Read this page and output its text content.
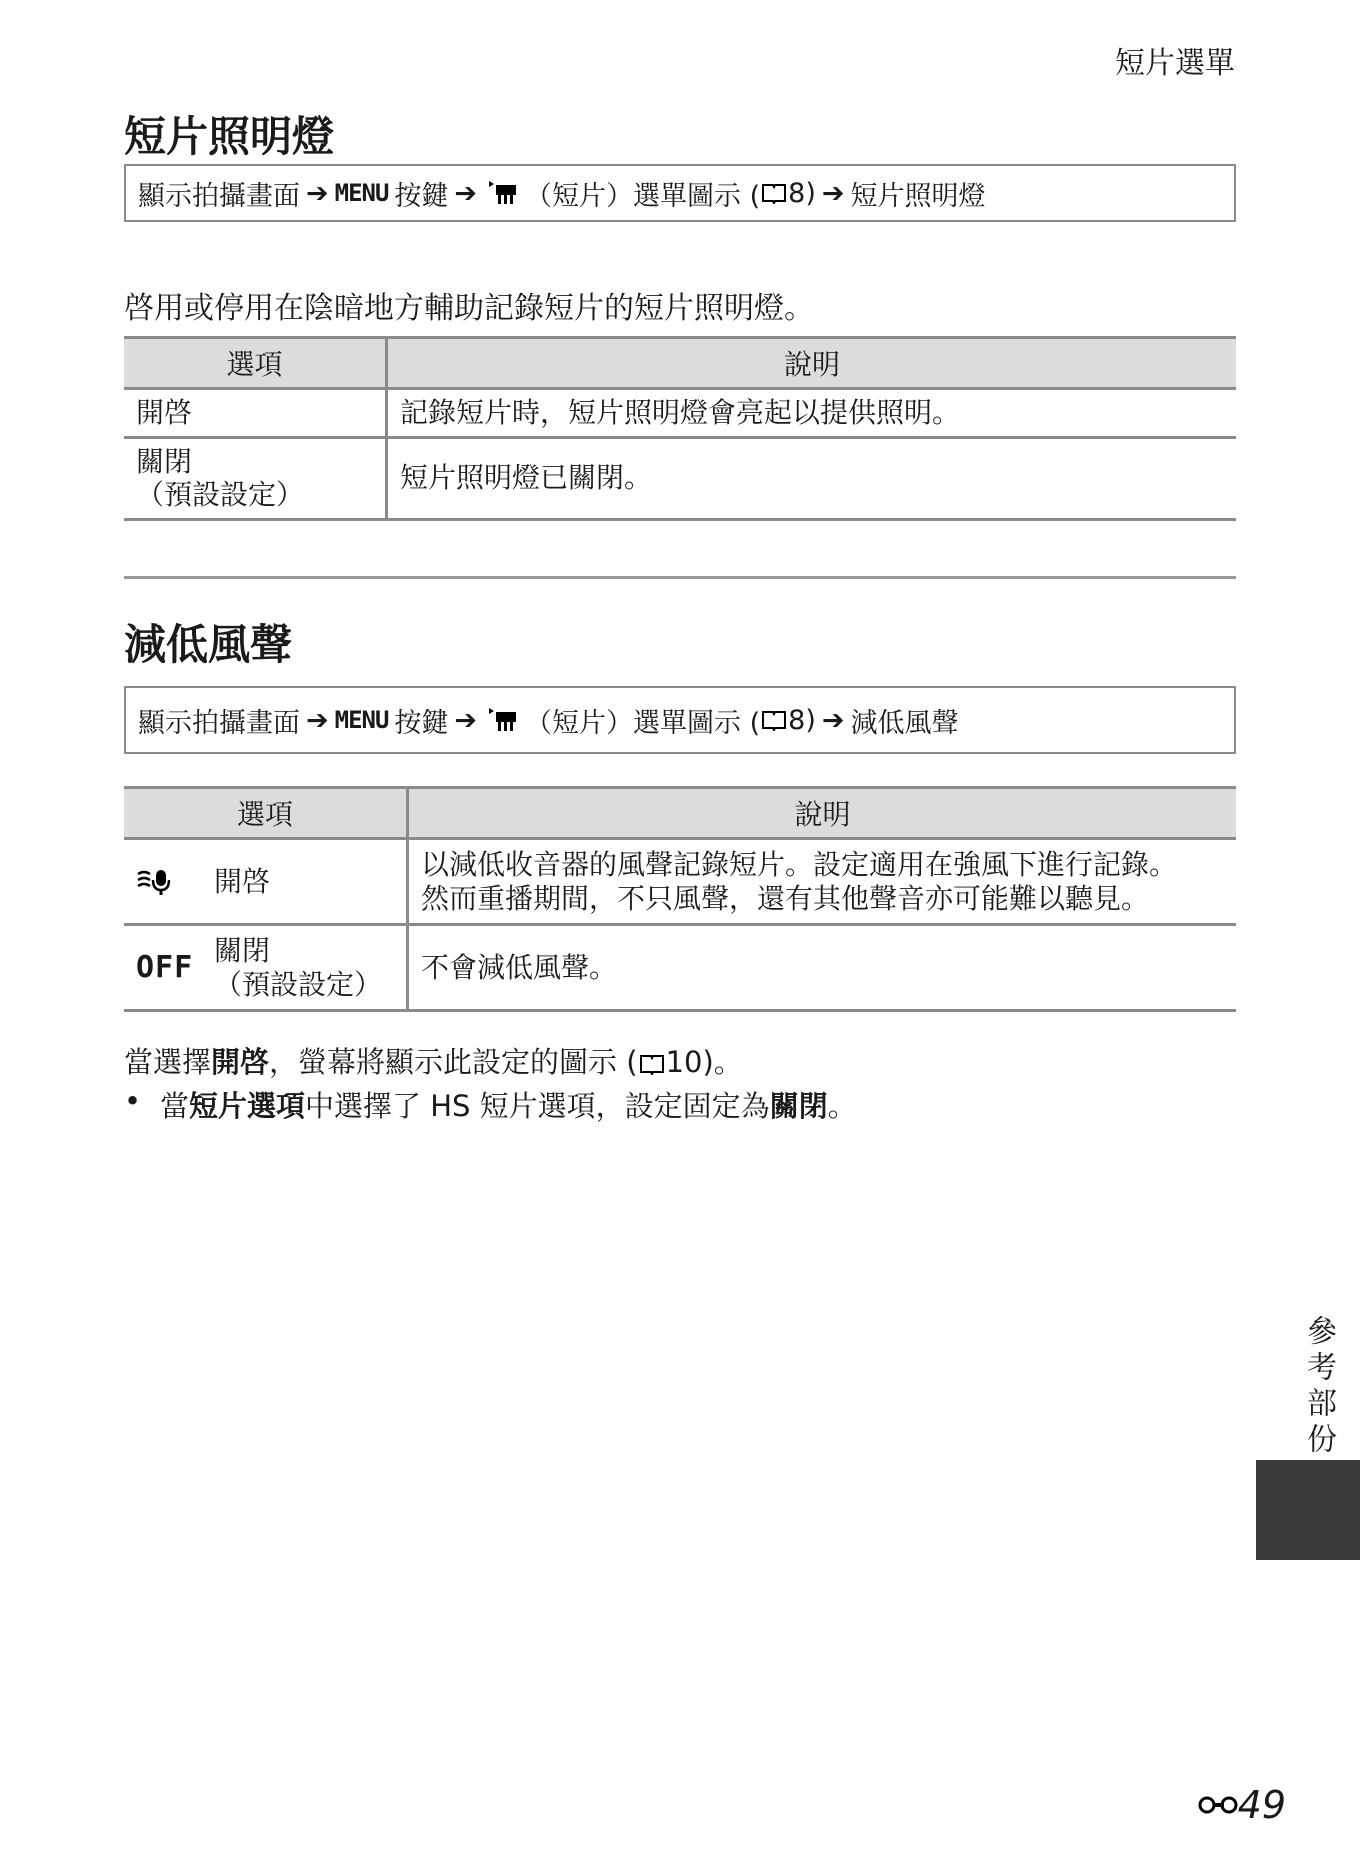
短片選單
短片照明燈
顯示拍攝畫面 ➔ MENU 按鍵 ➔ （短片）選單圖示 ( 8) ➔ 短片照明燈
啓用或停用在陰暗地方輔助記錄短片的短片照明燈。
選項	說明
開啓	記錄短片時，短片照明燈會亮起以提供照明。

關閉
（預設設定）	短片照明燈已關閉。
減低風聲
顯示拍攝畫面 ➔ MENU 按鍵 ➔ （短片）選單圖示 ( 8) ➔ 減低風聲
選項	說明

開啓	以減低收音器的風聲記錄短片。設定適用在強風下進行記錄。
然而重播期間，不只風聲，還有其他聲音亦可能難以聽見。

OFF 關閉
（預設設定）	不會減低風聲。
當選擇開啓，螢幕將顯示此設定的圖示 ( 10)。
• 當短片選項中選擇了 HS 短片選項，設定固定為關閉。
參考部份
49
